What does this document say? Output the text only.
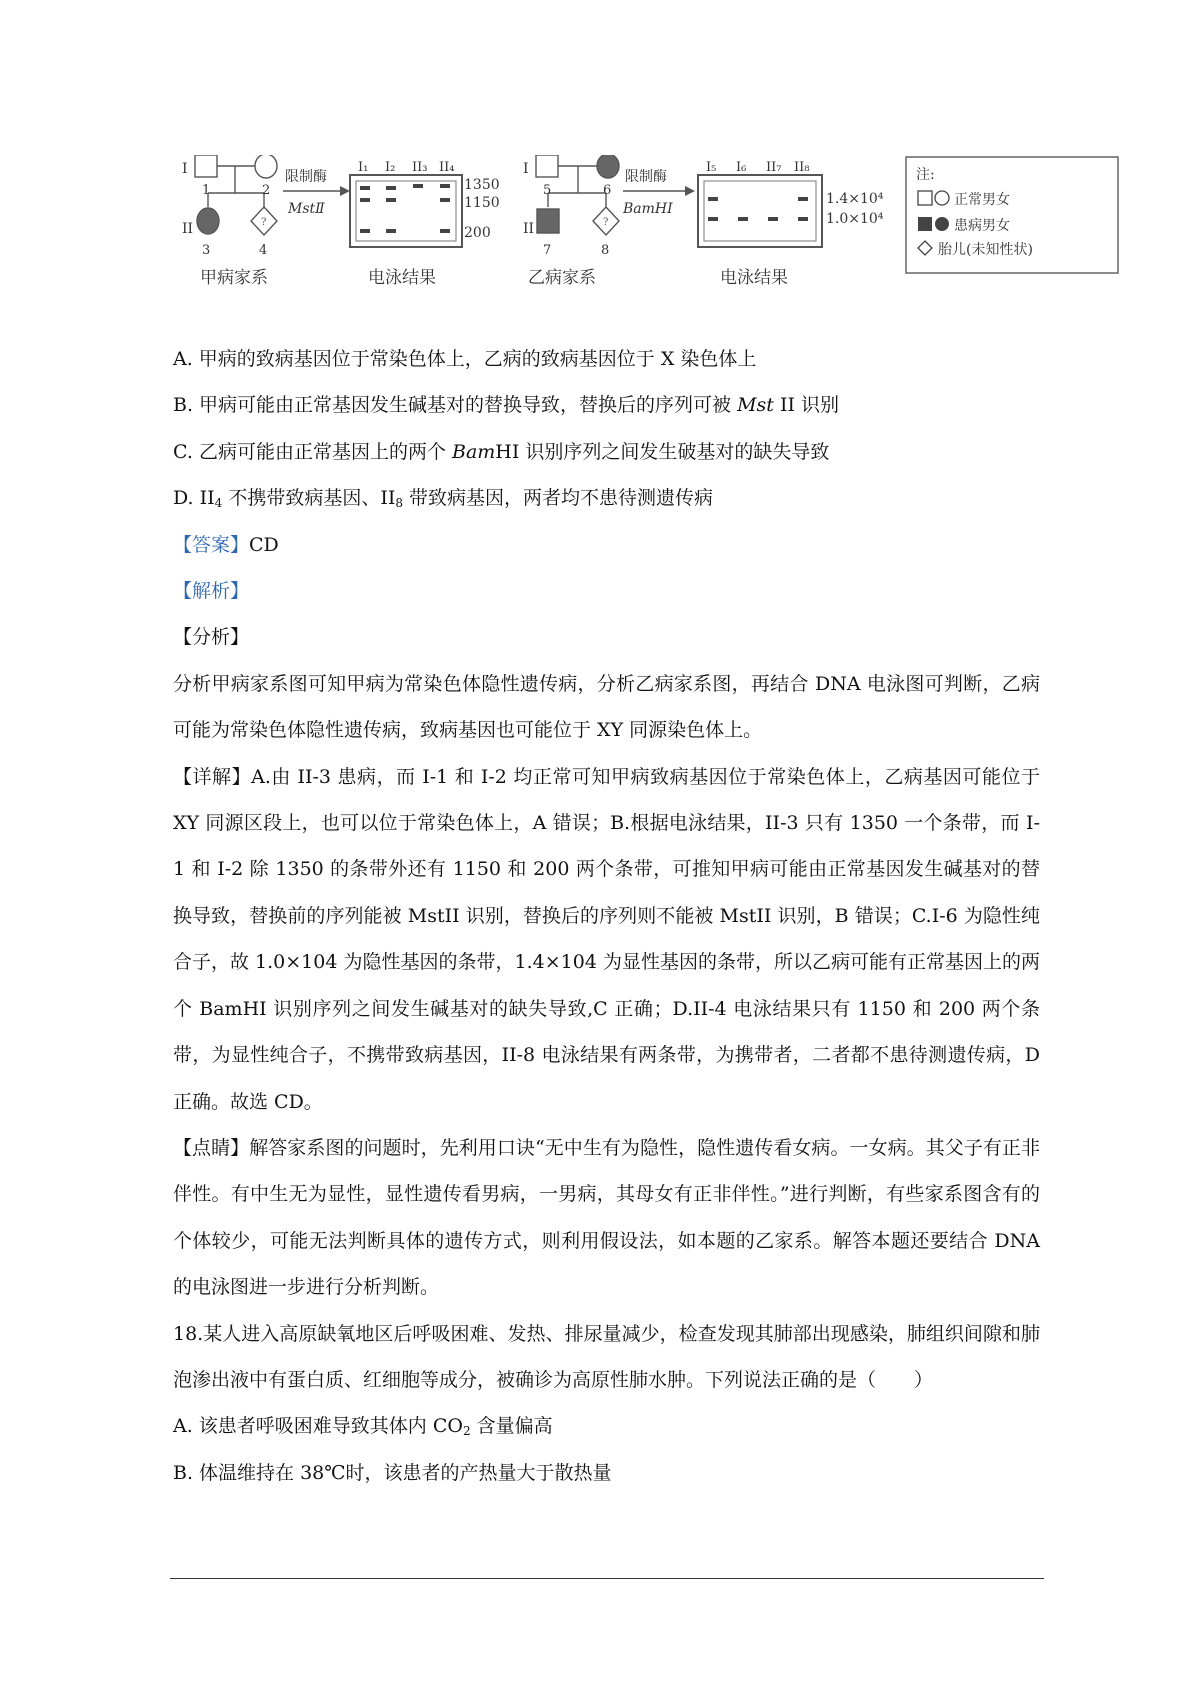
I
II	?
1	2
3	4
限制酶
MstⅡ
甲病家系
I₁ I₂ II₃ II₄
1350
1150
200
电泳结果
I
II	?
5	6
7	8
限制酶
BamHI
乙病家系
I₅ I₆ II₇ II₈
1.4×10⁴
1.0×10⁴
电泳结果
注:
正常男女
患病男女
胎儿(未知性状)
A. 甲病的致病基因位于常染色体上，乙病的致病基因位于 X 染色体上
B. 甲病可能由正常基因发生碱基对的替换导致，替换后的序列可被 Mst II 识别
C. 乙病可能由正常基因上的两个 BamHI 识别序列之间发生破基对的缺失导致
D. $II_4$ 不携带致病基因、$II_8$ 带致病基因，两者均不患待测遗传病
【答案】CD
【解析】
【分析】
分析甲病家系图可知甲病为常染色体隐性遗传病，分析乙病家系图，再结合 DNA 电泳图可判断，乙病可能为常染色体隐性遗传病，致病基因也可能位于 XY 同源染色体上。
【详解】A.由 II-3 患病，而 I-1 和 I-2 均正常可知甲病致病基因位于常染色体上，乙病基因可能位于 XY 同源区段上，也可以位于常染色体上，A 错误；B.根据电泳结果，II-3 只有 1350 一个条带，而 I-1 和 I-2 除 1350 的条带外还有 1150 和 200 两个条带，可推知甲病可能由正常基因发生碱基对的替换导致，替换前的序列能被 MstII 识别，替换后的序列则不能被 MstII 识别，B 错误；C.I-6 为隐性纯合子，故 1.0×104 为隐性基因的条带，1.4×104 为显性基因的条带，所以乙病可能有正常基因上的两个 BamHI 识别序列之间发生碱基对的缺失导致,C 正确；D.II-4 电泳结果只有 1150 和 200 两个条带，为显性纯合子，不携带致病基因，II-8 电泳结果有两条带，为携带者，二者都不患待测遗传病，D 正确。故选 CD。
【点睛】解答家系图的问题时，先利用口诀“无中生有为隐性，隐性遗传看女病。一女病。其父子有正非伴性。有中生无为显性，显性遗传看男病，一男病，其母女有正非伴性。”进行判断，有些家系图含有的个体较少，可能无法判断具体的遗传方式，则利用假设法，如本题的乙家系。解答本题还要结合 DNA 的电泳图进一步进行分析判断。
18.某人进入高原缺氧地区后呼吸困难、发热、排尿量减少，检查发现其肺部出现感染，肺组织间隙和肺泡渗出液中有蛋白质、红细胞等成分，被确诊为高原性肺水肿。下列说法正确的是（　　）
A. 该患者呼吸困难导致其体内 $CO_2$ 含量偏高
B. 体温维持在 38℃时，该患者的产热量大于散热量
